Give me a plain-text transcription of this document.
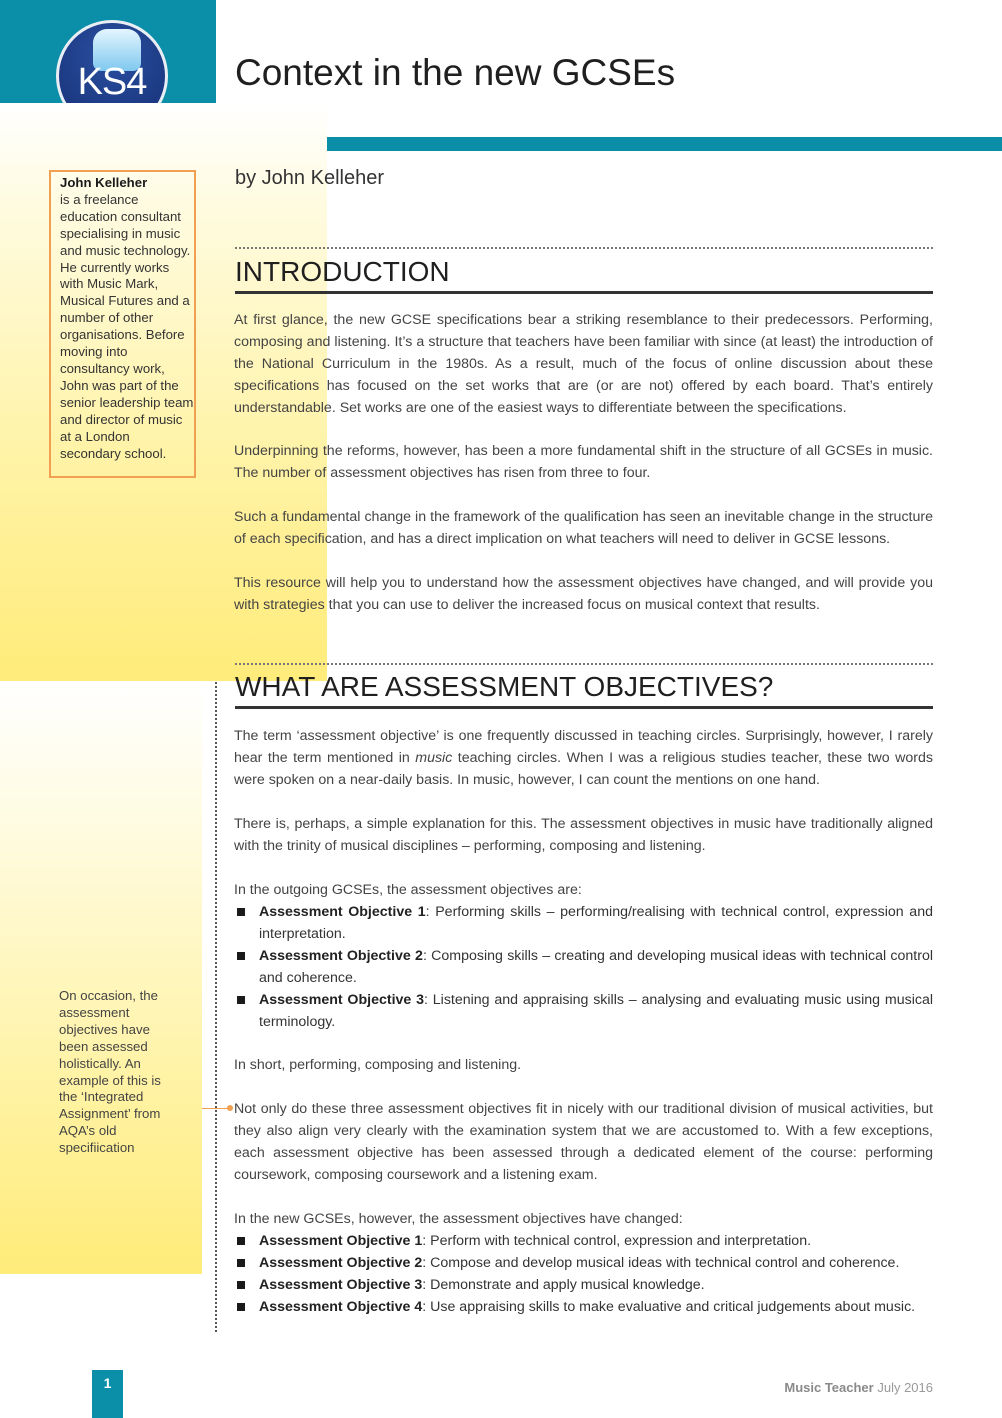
KS4	Context in the new GCSEs
by John Kelleher
John Kelleher
is a freelance education consultant specialising in music and music technology. He currently works with Music Mark, Musical Futures and a number of other organisations. Before moving into consultancy work, John was part of the senior leadership team and director of music at a London secondary school.
INTRODUCTION

At first glance, the new GCSE specifications bear a striking resemblance to their predecessors. Performing, composing and listening. It’s a structure that teachers have been familiar with since (at least) the introduction of the National Curriculum in the 1980s. As a result, much of the focus of online discussion about these specifications has focused on the set works that are (or are not) offered by each board. That’s entirely understandable. Set works are one of the easiest ways to differentiate between the specifications.

Underpinning the reforms, however, has been a more fundamental shift in the structure of all GCSEs in music. The number of assessment objectives has risen from three to four.

Such a fundamental change in the framework of the qualification has seen an inevitable change in the structure of each specification, and has a direct implication on what teachers will need to deliver in GCSE lessons.

This resource will help you to understand how the assessment objectives have changed, and will provide you with strategies that you can use to deliver the increased focus on musical context that results.

WHAT ARE ASSESSMENT OBJECTIVES?

The term ‘assessment objective’ is one frequently discussed in teaching circles. Surprisingly, however, I rarely hear the term mentioned in music teaching circles. When I was a religious studies teacher, these two words were spoken on a near-daily basis. In music, however, I can count the mentions on one hand.

There is, perhaps, a simple explanation for this. The assessment objectives in music have traditionally aligned with the trinity of musical disciplines – performing, composing and listening.

In the outgoing GCSEs, the assessment objectives are:

Assessment Objective 1: Performing skills – performing/realising with technical control, expression and interpretation.
Assessment Objective 2: Composing skills – creating and developing musical ideas with technical control and coherence.
Assessment Objective 3: Listening and appraising skills – analysing and evaluating music using musical terminology.

In short, performing, composing and listening.

Not only do these three assessment objectives fit in nicely with our traditional division of musical activities, but they also align very clearly with the examination system that we are accustomed to. With a few exceptions, each assessment objective has been assessed through a dedicated element of the course: performing coursework, composing coursework and a listening exam.

In the new GCSEs, however, the assessment objectives have changed:

Assessment Objective 1: Perform with technical control, expression and interpretation.
Assessment Objective 2: Compose and develop musical ideas with technical control and coherence.
Assessment Objective 3: Demonstrate and apply musical knowledge.
Assessment Objective 4: Use appraising skills to make evaluative and critical judgements about music.
On occasion, the assessment objectives have been assessed holistically. An example of this is the ‘Integrated Assignment’ from AQA’s old specifiication
1	Music Teacher July 2016
